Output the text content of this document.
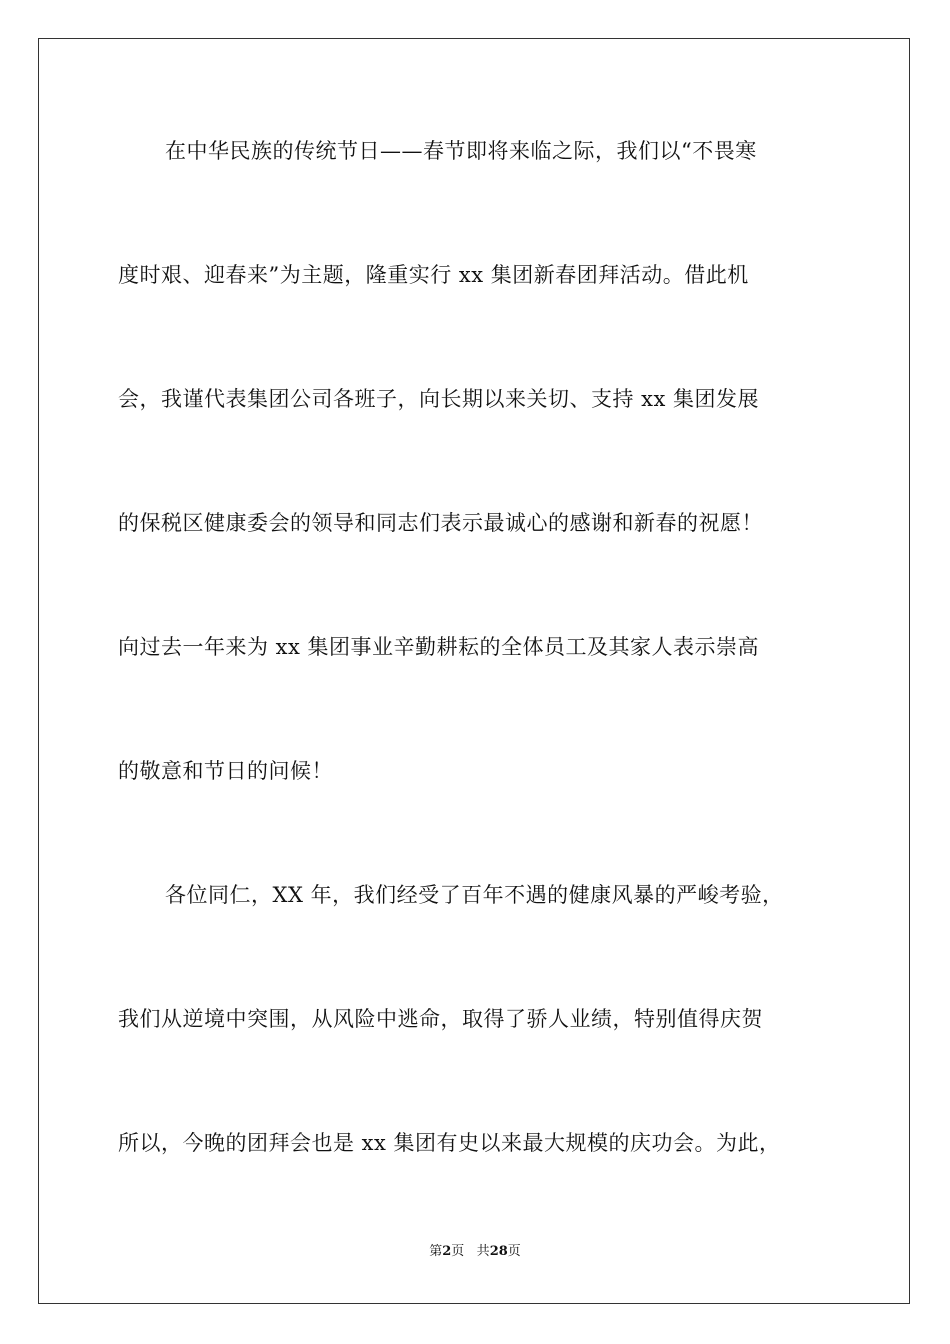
在中华民族的传统节日——春节即将来临之际，我们以“不畏寒
度时艰、迎春来”为主题，隆重实行 xx 集团新春团拜活动。借此机
会，我谨代表集团公司各班子，向长期以来关切、支持 xx 集团发展
的保税区健康委会的领导和同志们表示最诚心的感谢和新春的祝愿！
向过去一年来为 xx 集团事业辛勤耕耘的全体员工及其家人表示崇高
的敬意和节日的问候！
各位同仁，XX 年，我们经受了百年不遇的健康风暴的严峻考验，
我们从逆境中突围，从风险中逃命，取得了骄人业绩，特别值得庆贺
所以，今晚的团拜会也是 xx 集团有史以来最大规模的庆功会。为此，
第2页 共28页
